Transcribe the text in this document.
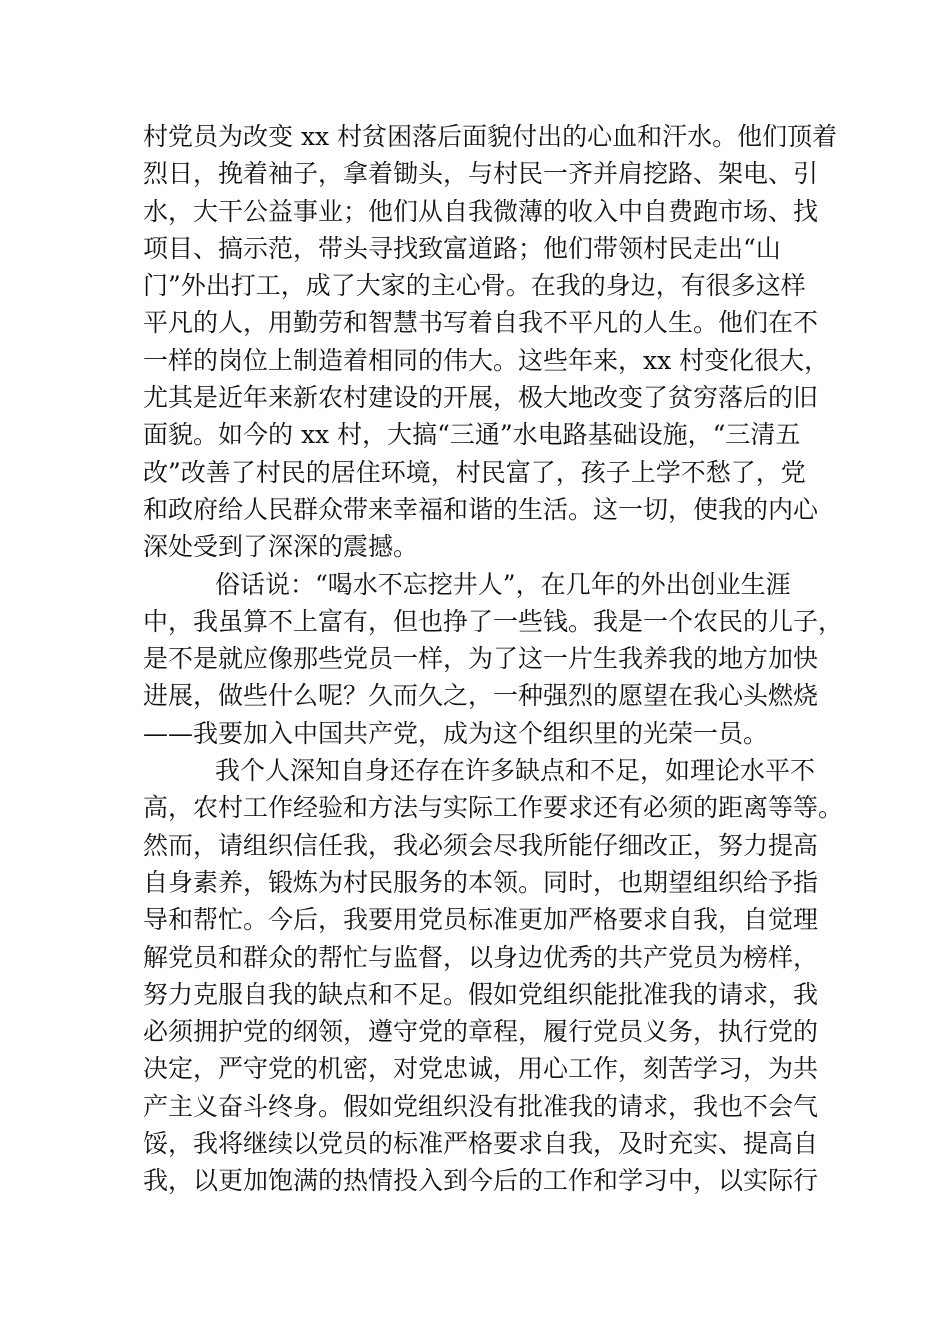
村党员为改变 xx 村贫困落后面貌付出的心血和汗水。他们顶着
烈日，挽着袖子，拿着锄头，与村民一齐并肩挖路、架电、引
水，大干公益事业；他们从自我微薄的收入中自费跑市场、找
项目、搞示范，带头寻找致富道路；他们带领村民走出“山
门”外出打工，成了大家的主心骨。在我的身边，有很多这样
平凡的人，用勤劳和智慧书写着自我不平凡的人生。他们在不
一样的岗位上制造着相同的伟大。这些年来，xx 村变化很大，
尤其是近年来新农村建设的开展，极大地改变了贫穷落后的旧
面貌。如今的 xx 村，大搞“三通”水电路基础设施，“三清五
改”改善了村民的居住环境，村民富了，孩子上学不愁了，党
和政府给人民群众带来幸福和谐的生活。这一切，使我的内心
深处受到了深深的震撼。
俗话说：“喝水不忘挖井人”，在几年的外出创业生涯
中，我虽算不上富有，但也挣了一些钱。我是一个农民的儿子，
是不是就应像那些党员一样，为了这一片生我养我的地方加快
进展，做些什么呢？久而久之，一种强烈的愿望在我心头燃烧
——我要加入中国共产党，成为这个组织里的光荣一员。
我个人深知自身还存在许多缺点和不足，如理论水平不
高，农村工作经验和方法与实际工作要求还有必须的距离等等。
然而，请组织信任我，我必须会尽我所能仔细改正，努力提高
自身素养，锻炼为村民服务的本领。同时，也期望组织给予指
导和帮忙。今后，我要用党员标准更加严格要求自我，自觉理
解党员和群众的帮忙与监督，以身边优秀的共产党员为榜样，
努力克服自我的缺点和不足。假如党组织能批准我的请求，我
必须拥护党的纲领，遵守党的章程，履行党员义务，执行党的
决定，严守党的机密，对党忠诚，用心工作，刻苦学习，为共
产主义奋斗终身。假如党组织没有批准我的请求，我也不会气
馁，我将继续以党员的标准严格要求自我，及时充实、提高自
我，以更加饱满的热情投入到今后的工作和学习中，以实际行
